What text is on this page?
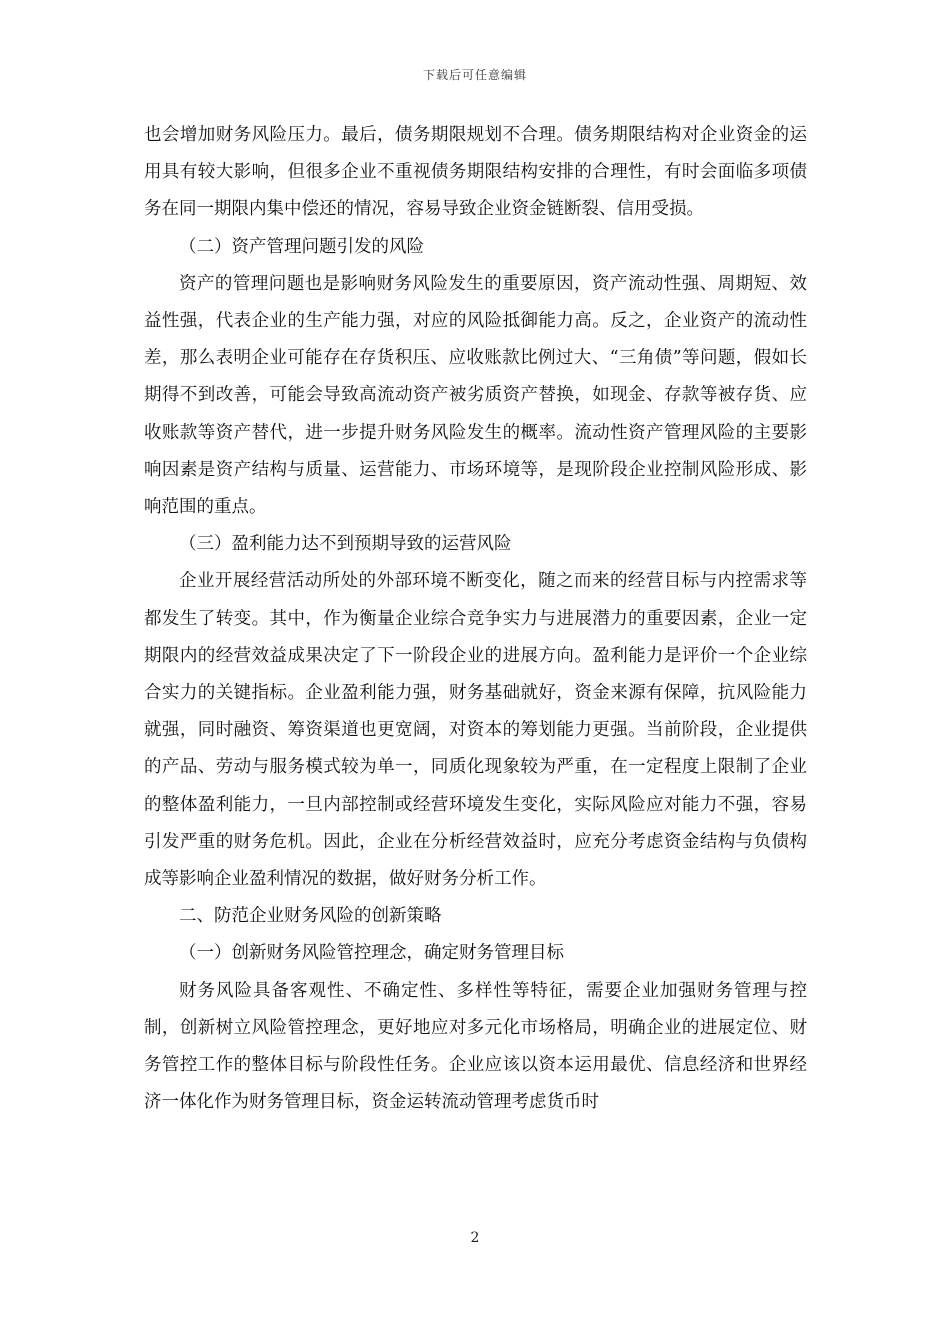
下载后可任意编辑

也会增加财务风险压力。最后，债务期限规划不合理。债务期限结构对企业资金的运用具有较大影响，但很多企业不重视债务期限结构安排的合理性，有时会面临多项债务在同一期限内集中偿还的情况，容易导致企业资金链断裂、信用受损。

（二）资产管理问题引发的风险

资产的管理问题也是影响财务风险发生的重要原因，资产流动性强、周期短、效益性强，代表企业的生产能力强，对应的风险抵御能力高。反之，企业资产的流动性差，那么表明企业可能存在存货积压、应收账款比例过大、“三角债”等问题，假如长期得不到改善，可能会导致高流动资产被劣质资产替换，如现金、存款等被存货、应收账款等资产替代，进一步提升财务风险发生的概率。流动性资产管理风险的主要影响因素是资产结构与质量、运营能力、市场环境等，是现阶段企业控制风险形成、影响范围的重点。

（三）盈利能力达不到预期导致的运营风险

企业开展经营活动所处的外部环境不断变化，随之而来的经营目标与内控需求等都发生了转变。其中，作为衡量企业综合竞争实力与进展潜力的重要因素，企业一定期限内的经营效益成果决定了下一阶段企业的进展方向。盈利能力是评价一个企业综合实力的关键指标。企业盈利能力强，财务基础就好，资金来源有保障，抗风险能力就强，同时融资、筹资渠道也更宽阔，对资本的筹划能力更强。当前阶段，企业提供的产品、劳动与服务模式较为单一，同质化现象较为严重，在一定程度上限制了企业的整体盈利能力，一旦内部控制或经营环境发生变化，实际风险应对能力不强，容易引发严重的财务危机。因此，企业在分析经营效益时，应充分考虑资金结构与负债构成等影响企业盈利情况的数据，做好财务分析工作。

二、防范企业财务风险的创新策略

（一）创新财务风险管控理念，确定财务管理目标

财务风险具备客观性、不确定性、多样性等特征，需要企业加强财务管理与控制，创新树立风险管控理念，更好地应对多元化市场格局，明确企业的进展定位、财务管控工作的整体目标与阶段性任务。企业应该以资本运用最优、信息经济和世界经济一体化作为财务管理目标，资金运转流动管理考虑货币时

2
